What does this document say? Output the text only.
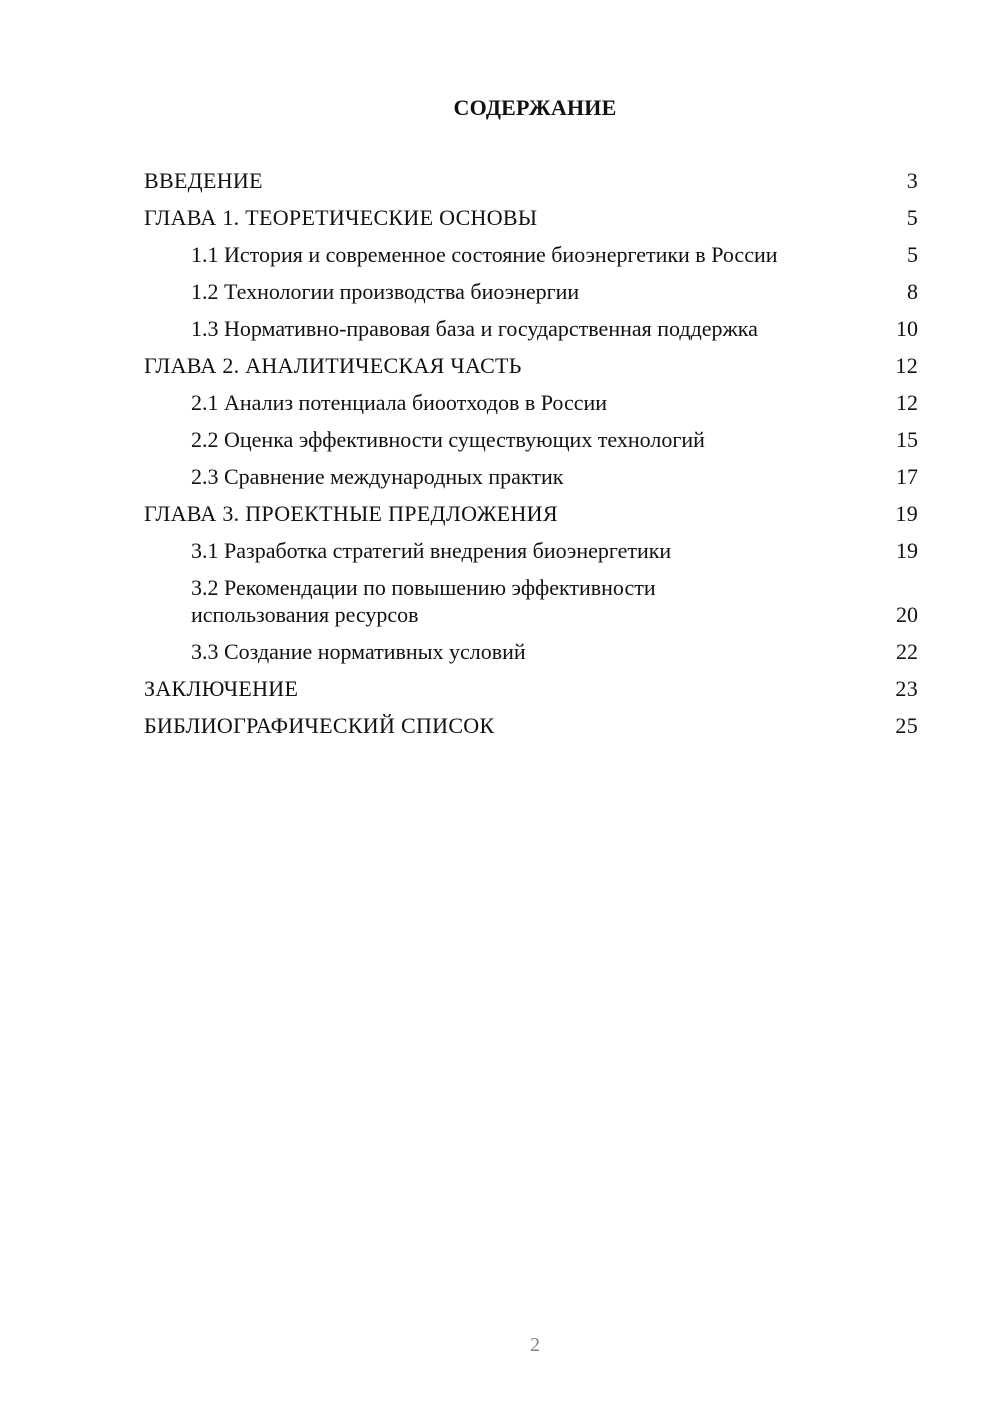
СОДЕРЖАНИЕ
ВВЕДЕНИЕ	3
ГЛАВА 1. ТЕОРЕТИЧЕСКИЕ ОСНОВЫ	5
1.1 История и современное состояние биоэнергетики в России	5
1.2 Технологии производства биоэнергии	8
1.3 Нормативно-правовая база и государственная поддержка	10
ГЛАВА 2. АНАЛИТИЧЕСКАЯ ЧАСТЬ	12
2.1 Анализ потенциала биоотходов в России	12
2.2 Оценка эффективности существующих технологий	15
2.3 Сравнение международных практик	17
ГЛАВА 3. ПРОЕКТНЫЕ ПРЕДЛОЖЕНИЯ	19
3.1 Разработка стратегий внедрения биоэнергетики	19
3.2 Рекомендации по повышению эффективности использования ресурсов	20
3.3 Создание нормативных условий	22
ЗАКЛЮЧЕНИЕ	23
БИБЛИОГРАФИЧЕСКИЙ СПИСОК	25
2
